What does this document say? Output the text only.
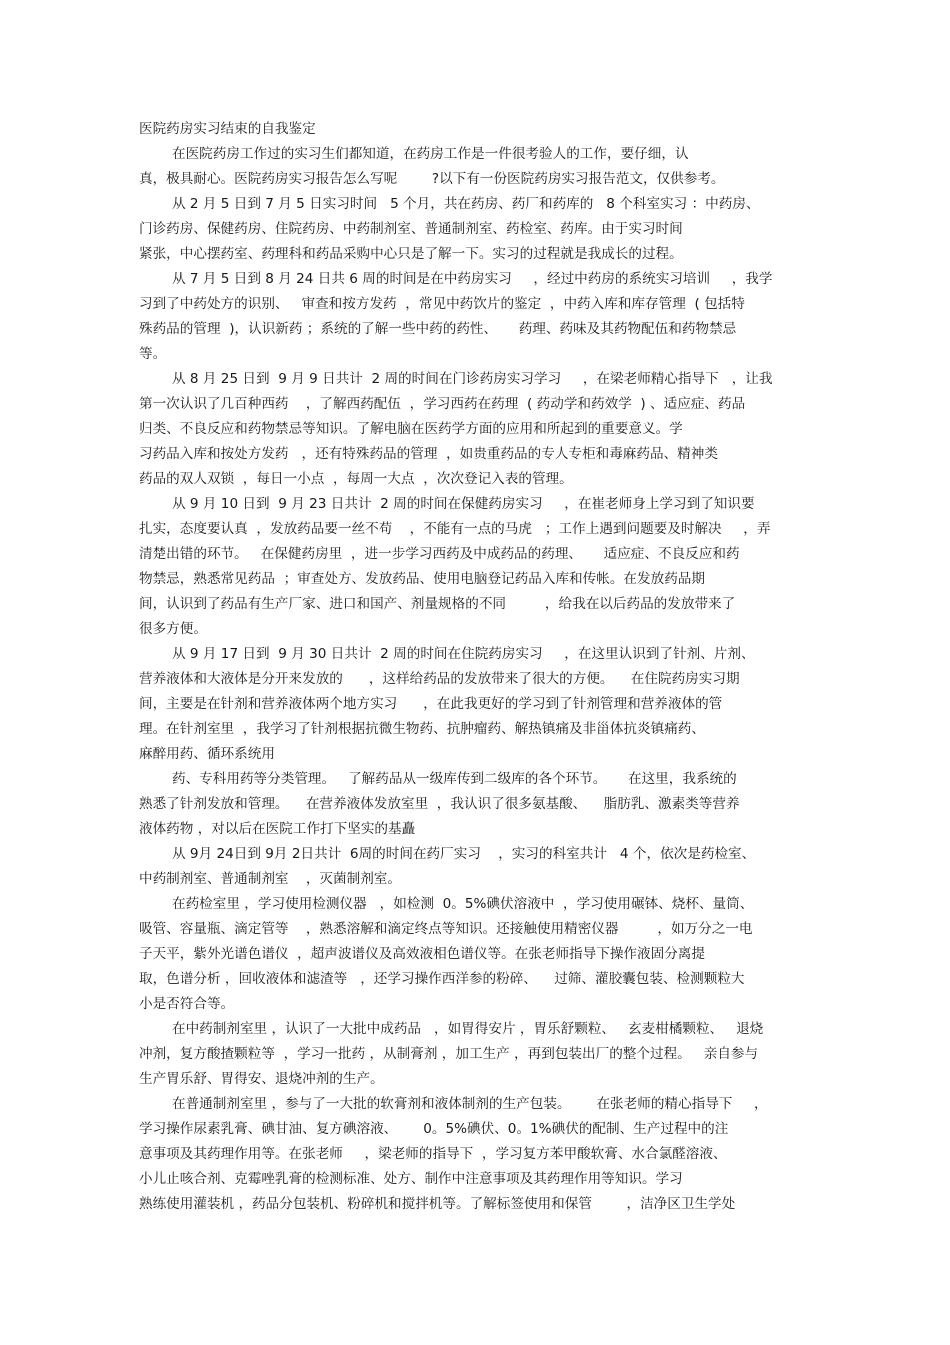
医院药房实习结束的自我鉴定
在医院药房工作过的实习生们都知道，在药房工作是一件很考验人的工作，要仔细，认
真，极具耐心。医院药房实习报告怎么写呢        ?以下有一份医院药房实习报告范文，仅供参考。
从 2 月 5 日到 7 月 5 日实习时间   5 个月，共在药房、药厂和药库的   8 个科室实习 ：中药房、
门诊药房、保健药房、住院药房、中药制剂室、普通制剂室、药检室、药库。由于实习时间
紧张，中心摆药室、药理科和药品采购中心只是了解一下。实习的过程就是我成长的过程。
从 7 月 5 日到 8 月 24 日共 6 周的时间是在中药房实习     ，经过中药房的系统实习培训     ，我学
习到了中药处方的识别、   审查和按方发药  ，常见中药饮片的鉴定  ，中药入库和库存管理  ( 包括特
殊药品的管理  )，认识新药 ；系统的了解一些中药的药性、     药理、药味及其药物配伍和药物禁忌
等。
从 8 月 25 日到  9 月 9 日共计  2 周的时间在门诊药房实习学习     ，在梁老师精心指导下   ，让我
第一次认识了几百种西药    ，了解西药配伍  ，学习西药在药理  ( 药动学和药效学  ) 、适应症、药品
归类、不良反应和药物禁忌等知识。了解电脑在医药学方面的应用和所起到的重要意义。学
习药品入库和按处方发药   ，还有特殊药品的管理  ，如贵重药品的专人专柜和毒麻药品、精神类
药品的双人双锁  ，每日一小点  ，每周一大点  ，次次登记入表的管理。
从 9 月 10 日到  9 月 23 日共计  2 周的时间在保健药房实习     ，在崔老师身上学习到了知识要
扎实，态度要认真  ，发放药品要一丝不苟    ，不能有一点的马虎   ；工作上遇到问题要及时解决     ，弄
清楚出错的环节。   在保健药房里  ，进一步学习西药及中成药品的药理、     适应症、不良反应和药
物禁忌，熟悉常见药品  ；审查处方、发放药品、使用电脑登记药品入库和传帐。在发放药品期
间，认识到了药品有生产厂家、进口和国产、剂量规格的不同         ，给我在以后药品的发放带来了
很多方便。
从 9 月 17 日到  9 月 30 日共计  2 周的时间在住院药房实习     ，在这里认识到了针剂、片剂、
营养液体和大液体是分开来发放的      ，这样给药品的发放带来了很大的方便。    在住院药房实习期
间，主要是在针剂和营养液体两个地方实习      ，在此我更好的学习到了针剂管理和营养液体的管
理。在针剂室里  ，我学习了针剂根据抗微生物药、抗肿瘤药、解热镇痛及非甾体抗炎镇痛药、
麻醉用药、循环系统用
药、专科用药等分类管理。   了解药品从一级库传到二级库的各个环节。     在这里，我系统的
熟悉了针剂发放和管理。    在营养液体发放室里  ，我认识了很多氨基酸、    脂肪乳、激素类等营养
液体药物 ，对以后在医院工作打下坚实的基矗
从 9月 24日到 9月 2日共计  6周的时间在药厂实习    ，实习的科室共计   4 个，依次是药检室、
中药制剂室、普通制剂室    ，灭菌制剂室。
在药检室里 ，学习使用检测仪器   ，如检测  0。5%碘伏溶液中  ，学习使用碾钵、烧杯、量筒、
吸管、容量瓶、滴定管等    ，熟悉溶解和滴定终点等知识。还接触使用精密仪器         ，如万分之一电
子天平，紫外光谱色谱仪  ，超声波谱仪及高效液相色谱仪等。在张老师指导下操作液固分离提
取，色谱分析 ，回收液体和滤渣等   ，还学习操作西洋参的粉碎、    过筛、灌胶囊包装、检测颗粒大
小是否符合等。
在中药制剂室里 ，认识了一大批中成药品   ，如胃得安片 ，胃乐舒颗粒、   玄麦柑橘颗粒、   退烧
冲剂，复方酸揸颗粒等  ，学习一批药 ，从制膏剂 ，加工生产 ，再到包装出厂的整个过程。   亲自参与
生产胃乐舒、胃得安、退烧冲剂的生产。
在普通制剂室里 ，参与了一大批的软膏剂和液体制剂的生产包装。      在张老师的精心指导下     ，
学习操作尿素乳膏、碘甘油、复方碘溶液、      0。5%碘伏、0。1%碘伏的配制、生产过程中的注
意事项及其药理作用等。在张老师     ，梁老师的指导下  ，学习复方苯甲酸软膏、水合氯醛溶液、
小儿止咳合剂、克霉唑乳膏的检测标准、处方、制作中注意事项及其药理作用等知识。学习
熟练使用灌装机 ，药品分包装机、粉碎机和搅拌机等。了解标签使用和保管        ，洁净区卫生学处
